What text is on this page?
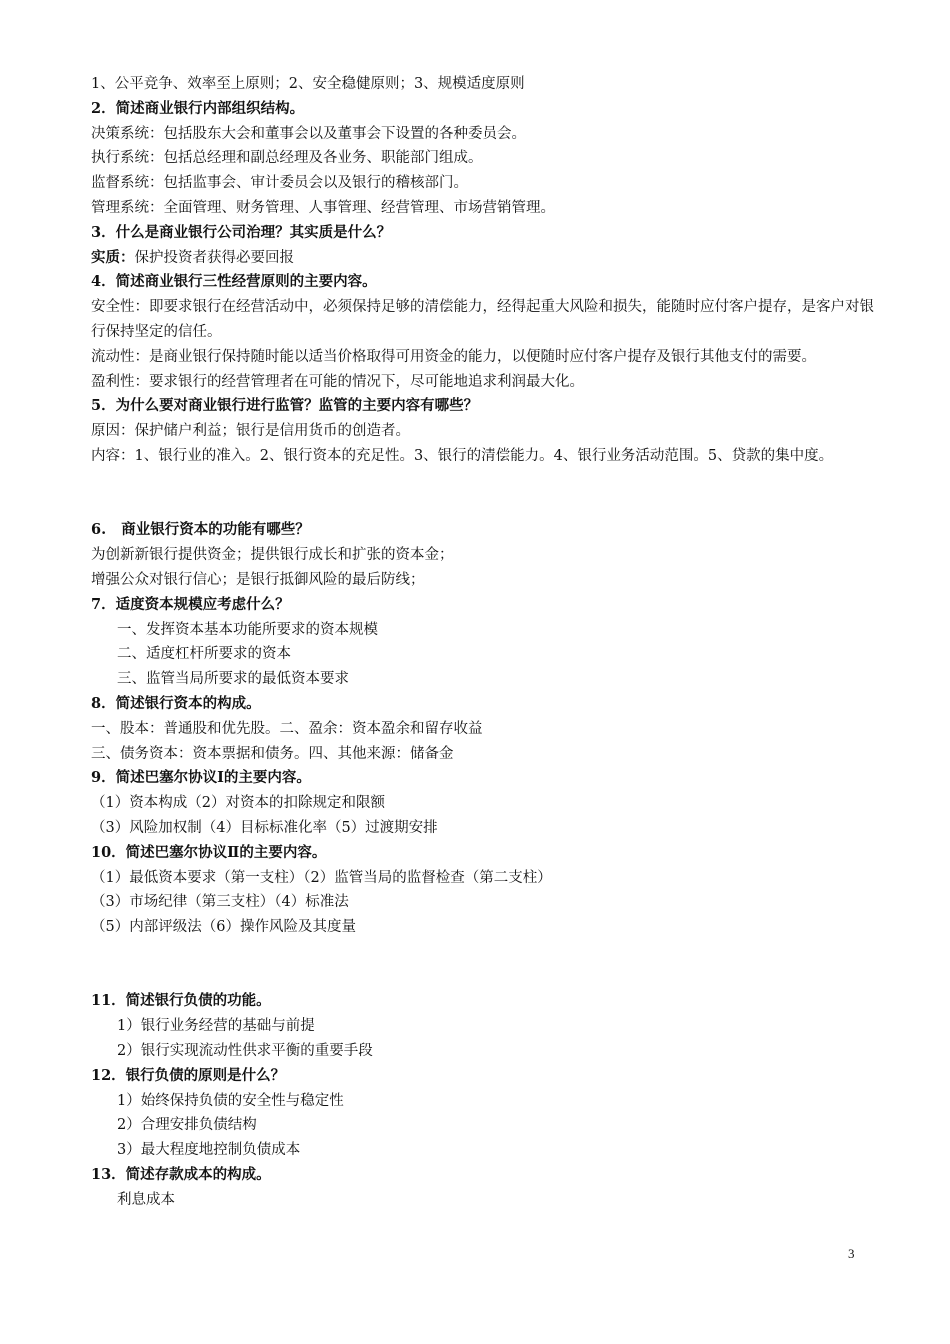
1、公平竞争、效率至上原则；2、安全稳健原则；3、规模适度原则
2．简述商业银行内部组织结构。
决策系统：包括股东大会和董事会以及董事会下设置的各种委员会。
执行系统：包括总经理和副总经理及各业务、职能部门组成。
监督系统：包括监事会、审计委员会以及银行的稽核部门。
管理系统：全面管理、财务管理、人事管理、经营管理、市场营销管理。
3．什么是商业银行公司治理？其实质是什么？
实质：保护投资者获得必要回报
4．简述商业银行三性经营原则的主要内容。
安全性：即要求银行在经营活动中，必须保持足够的清偿能力，经得起重大风险和损失，能随时应付客户提存，是客户对银行保持坚定的信任。
流动性：是商业银行保持随时能以适当价格取得可用资金的能力，以便随时应付客户提存及银行其他支付的需要。
盈利性：要求银行的经营管理者在可能的情况下，尽可能地追求利润最大化。
5．为什么要对商业银行进行监管？监管的主要内容有哪些？
原因：保护储户利益；银行是信用货币的创造者。
内容：1、银行业的准入。2、银行资本的充足性。3、银行的清偿能力。4、银行业务活动范围。5、贷款的集中度。
6.   商业银行资本的功能有哪些？
为创新新银行提供资金；提供银行成长和扩张的资本金；
增强公众对银行信心；是银行抵御风险的最后防线；
7．适度资本规模应考虑什么？
一、发挥资本基本功能所要求的资本规模
二、适度杠杆所要求的资本
三、监管当局所要求的最低资本要求
8．简述银行资本的构成。
一、股本：普通股和优先股。二、盈余：资本盈余和留存收益
三、债务资本：资本票据和债务。四、其他来源：储备金
9．简述巴塞尔协议Ⅰ的主要内容。
（1）资本构成（2）对资本的扣除规定和限额
（3）风险加权制（4）目标标准化率（5）过渡期安排
10．简述巴塞尔协议Ⅱ的主要内容。
（1）最低资本要求（第一支柱）（2）监管当局的监督检查（第二支柱）
（3）市场纪律（第三支柱）（4）标准法
（5）内部评级法（6）操作风险及其度量
11．简述银行负债的功能。
1）银行业务经营的基础与前提
2）银行实现流动性供求平衡的重要手段
12．银行负债的原则是什么？
1）始终保持负债的安全性与稳定性
2）合理安排负债结构
3）最大程度地控制负债成本
13．简述存款成本的构成。
利息成本
3
